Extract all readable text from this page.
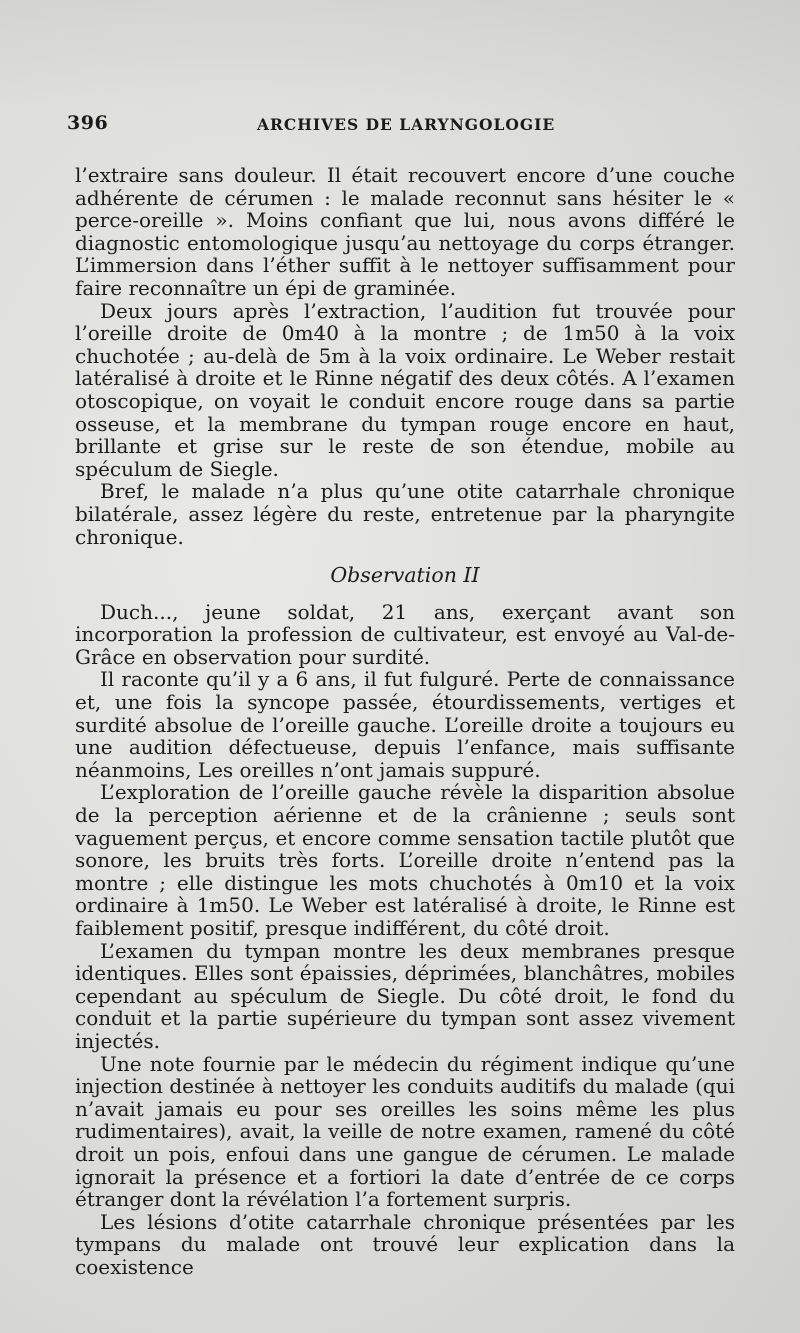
396	ARCHIVES DE LARYNGOLOGIE

l’extraire sans douleur. Il était recouvert encore d’une couche adhérente de cérumen : le malade reconnut sans hésiter le « perce-oreille ». Moins confiant que lui, nous avons différé le diagnostic entomologique jusqu’au nettoyage du corps étranger. L’immersion dans l’éther suffit à le nettoyer suffisamment pour faire reconnaître un épi de graminée.

Deux jours après l’extraction, l’audition fut trouvée pour l’oreille droite de 0m40 à la montre ; de 1m50 à la voix chuchotée ; au-delà de 5m à la voix ordinaire. Le Weber restait latéralisé à droite et le Rinne négatif des deux côtés. A l’examen otoscopique, on voyait le conduit encore rouge dans sa partie osseuse, et la membrane du tympan rouge encore en haut, brillante et grise sur le reste de son étendue, mobile au spéculum de Siegle.

Bref, le malade n’a plus qu’une otite catarrhale chronique bilatérale, assez légère du reste, entretenue par la pharyngite chronique.

Observation II

Duch..., jeune soldat, 21 ans, exerçant avant son incorporation la profession de cultivateur, est envoyé au Val-de-Grâce en observation pour surdité.

Il raconte qu’il y a 6 ans, il fut fulguré. Perte de connaissance et, une fois la syncope passée, étourdissements, vertiges et surdité absolue de l’oreille gauche. L’oreille droite a toujours eu une audition défectueuse, depuis l’enfance, mais suffisante néanmoins, Les oreilles n’ont jamais suppuré.

L’exploration de l’oreille gauche révèle la disparition absolue de la perception aérienne et de la crânienne ; seuls sont vaguement perçus, et encore comme sensation tactile plutôt que sonore, les bruits très forts. L’oreille droite n’entend pas la montre ; elle distingue les mots chuchotés à 0m10 et la voix ordinaire à 1m50. Le Weber est latéralisé à droite, le Rinne est faiblement positif, presque indifférent, du côté droit.

L’examen du tympan montre les deux membranes presque identiques. Elles sont épaissies, déprimées, blanchâtres, mobiles cependant au spéculum de Siegle. Du côté droit, le fond du conduit et la partie supérieure du tympan sont assez vivement injectés.

Une note fournie par le médecin du régiment indique qu’une injection destinée à nettoyer les conduits auditifs du malade (qui n’avait jamais eu pour ses oreilles les soins même les plus rudimentaires), avait, la veille de notre examen, ramené du côté droit un pois, enfoui dans une gangue de cérumen. Le malade ignorait la présence et a fortiori la date d’entrée de ce corps étranger dont la révélation l’a fortement surpris.

Les lésions d’otite catarrhale chronique présentées par les tympans du malade ont trouvé leur explication dans la coexistence
